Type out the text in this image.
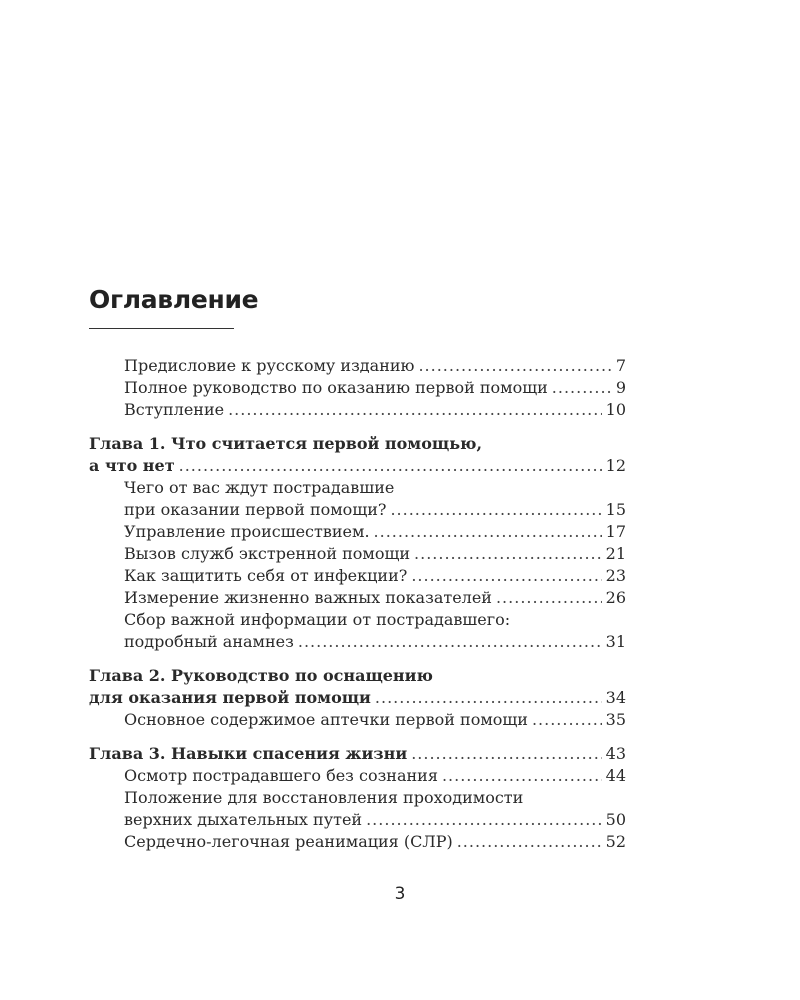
Оглавление
Предисловие к русскому изданию .....	7
Полное руководство по оказанию первой помощи .....	9
Вступление .....	10
Глава 1. Что считается первой помощью,
а что нет .....	12
Чего от вас ждут пострадавшие
при оказании первой помощи? .....	15
Управление происшествием. .....	17
Вызов служб экстренной помощи .....	21
Как защитить себя от инфекции? .....	23
Измерение жизненно важных показателей .....	26
Сбор важной информации от пострадавшего:
подробный анамнез .....	31
Глава 2. Руководство по оснащению
для оказания первой помощи .....	34
Основное содержимое аптечки первой помощи .....	35
Глава 3. Навыки спасения жизни .....	43
Осмотр пострадавшего без сознания .....	44
Положение для восстановления проходимости
верхних дыхательных путей .....	50
Сердечно-легочная реанимация (СЛР) .....	52
3
